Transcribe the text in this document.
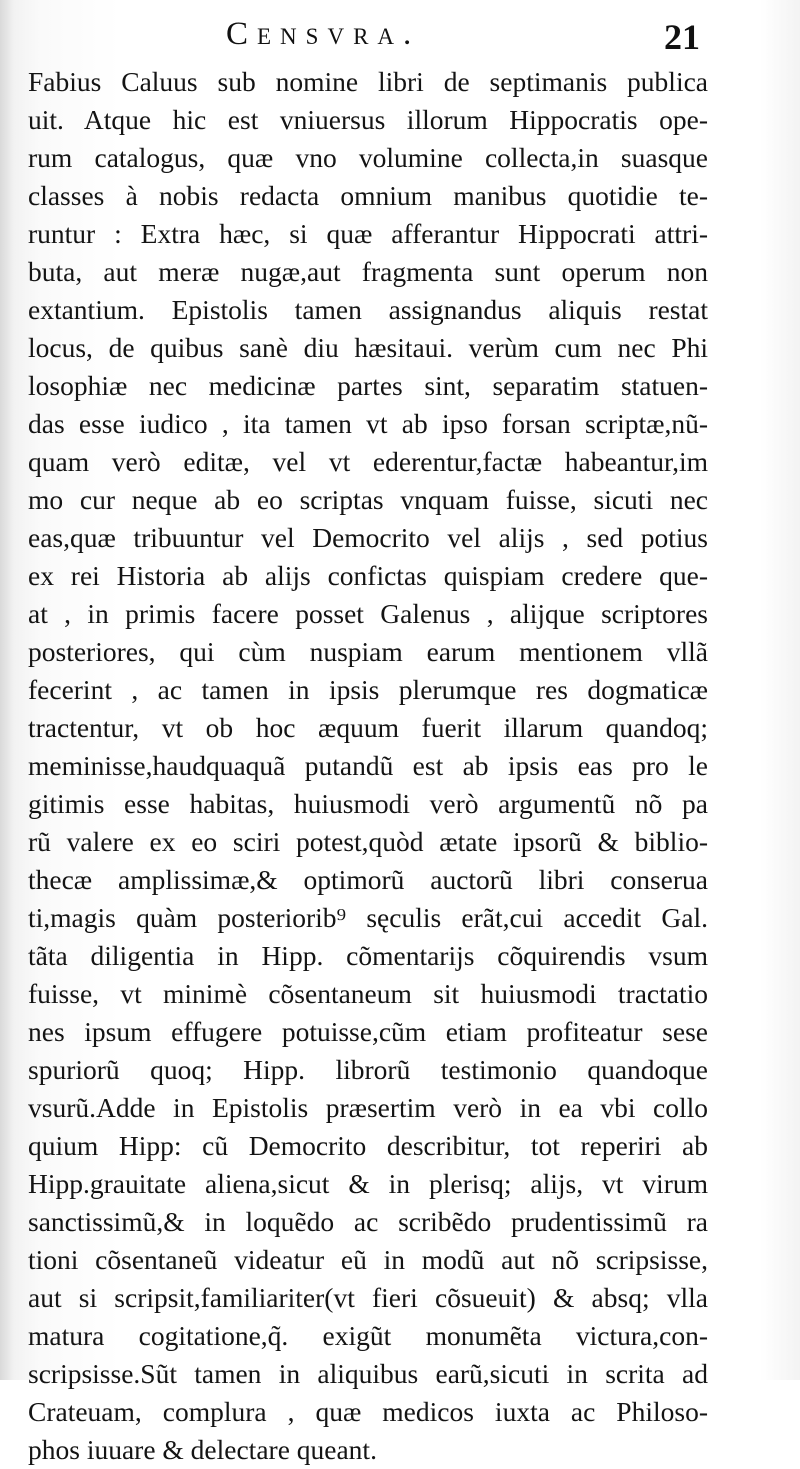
Censvra.	21
Fabius Caluus sub nomine libri de septimanis publica
uit. Atque hic est vniuersus illorum Hippocratis ope-
rum catalogus, quæ vno volumine collecta,in suasque
classes à nobis redacta omnium manibus quotidie te-
runtur : Extra hæc, si quæ afferantur Hippocrati attri-
buta, aut meræ nugæ,aut fragmenta sunt operum non
extantium. Epistolis tamen assignandus aliquis restat
locus, de quibus sanè diu hæsitaui. verùm cum nec Phi
losophiæ nec medicinæ partes sint, separatim statuen-
das esse iudico , ita tamen vt ab ipso forsan scriptæ,nũ-
quam verò editæ, vel vt ederentur,factæ habeantur,im
mo cur neque ab eo scriptas vnquam fuisse, sicuti nec
eas,quæ tribuuntur vel Democrito vel alijs , sed potius
ex rei Historia ab alijs confictas quispiam credere que-
at , in primis facere posset Galenus , alijque scriptores
posteriores, qui cùm nuspiam earum mentionem vllã
fecerint , ac tamen in ipsis plerumque res dogmaticæ
tractentur, vt ob hoc æquum fuerit illarum quandoq;
meminisse,haudquaquã putandũ est ab ipsis eas pro le
gitimis esse habitas, huiusmodi verò argumentũ nõ pa
rũ valere ex eo sciri potest,quòd ætate ipsorũ & biblio-
thecæ amplissimæ,& optimorũ auctorũ libri conserua
ti,magis quàm posteriorib⁹ sęculis erãt,cui accedit Gal.
tãta diligentia in Hipp. cõmentarijs cõquirendis vsum
fuisse, vt minimè cõsentaneum sit huiusmodi tractatio
nes ipsum effugere potuisse,cũm etiam profiteatur sese
spuriorũ quoq; Hipp. librorũ testimonio quandoque
vsurũ.Adde in Epistolis præsertim verò in ea vbi collo
quium Hipp: cũ Democrito describitur, tot reperiri ab
Hipp.grauitate aliena,sicut & in plerisq; alijs, vt virum
sanctissimũ,& in loquẽdo ac scribẽdo prudentissimũ ra
tioni cõsentaneũ videatur eũ in modũ aut nõ scripsisse,
aut si scripsit,familiariter(vt fieri cõsueuit) & absq; vlla
matura cogitatione,q̃. exigũt monumẽta victura,con-
scripsisse.Sũt tamen in aliquibus earũ,sicuti in scrita ad
Crateuam, complura , quæ medicos iuxta ac Philoso-
phos iuuare & delectare queant.
